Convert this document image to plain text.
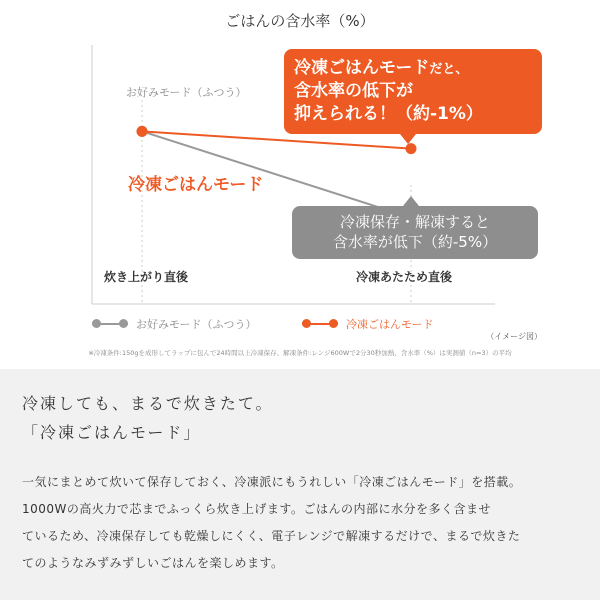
ごはんの含水率（%）
お好みモード（ふつう）
冷凍ごはんモード
冷凍ごはんモードだと、
含水率の低下が
抑えられる！（約-1%）
冷凍保存・解凍すると
含水率が低下（約-5%）
炊き上がり直後	冷凍あたため直後
お好みモード（ふつう）	冷凍ごはんモード
（イメージ図）
※冷凍条件:150gを成形してラップに包んで24時間以上冷凍保存、解凍条件:レンジ600Wで2分30秒加熱、含水率（%）は実測値（n=3）の平均
冷凍しても、まるで炊きたて。
「冷凍ごはんモード」
一気にまとめて炊いて保存しておく、冷凍派にもうれしい「冷凍ごはんモード」を搭載。
1000Wの高火力で芯までふっくら炊き上げます。ごはんの内部に水分を多く含ませ
ているため、冷凍保存しても乾燥しにくく、電子レンジで解凍するだけで、まるで炊きた
てのようなみずみずしいごはんを楽しめます。
